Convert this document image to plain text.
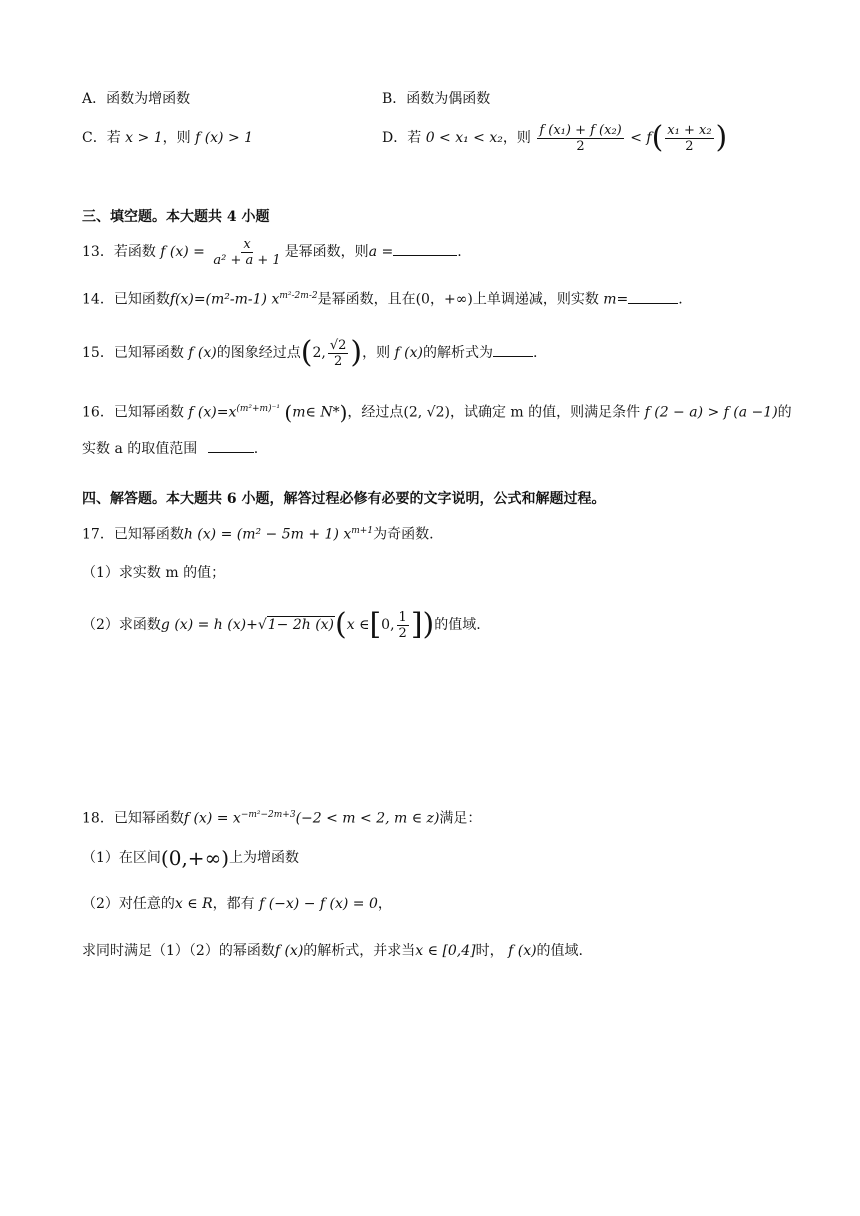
A．函数为增函数	B．函数为偶函数
C．若 x > 1，则 f (x) > 1	D．若 0 < x₁ < x₂，则 $\frac{\text{f (x₁) + f (x₂)}}{2} < f( \frac{\text{x₁ + x₂}}{2}$ )
三、填空题。本大题共 4 小题
13．若函数 f $(x) = \frac{x}{\text{a² + a + 1}}$ 是幂函数，则a =	.
14．已知函数f(x)=(m²-m-1) $x^{m^2-2m-2}$是幂函数，且在(0，+∞)上单调递减，则实数 m=	.
15．已知幂函数 f (x)的图象经过点(2, $\frac{√2}{2}$ )，则 f (x)的解析式为	.
16．已知幂函数 f $(x)=x^{(m^2+m)^{-1}}$ (m∈ N*)，经过点(2, √2)，试确定 m 的值，则满足条件 f (2 − a) > f (a −1)的
实数 a 的取值范围	.
四、解答题。本大题共 6 小题，解答过程必修有必要的文字说明，公式和解题过程。
17．已知幂函数h (x) = (m² − 5m + 1) $x^{m+1}$为奇函数.
（1）求实数 m 的值；
（2）求函数g (x) = h (x)+√1− 2h (x)(x ∈[0, $\frac{1}{2}$ ])的值域.
18．已知幂函数f $(x) = x^{-m^2-2m+3}(-2 < m < 2$, m ∈ z)满足：
（1）在区间(0,+∞)上为增函数
（2）对任意的x ∈ R，都有 f (−x) − f (x) = 0，
求同时满足（1）（2）的幂函数f (x)的解析式，并求当x ∈ [0,4]时， f (x)的值域.
